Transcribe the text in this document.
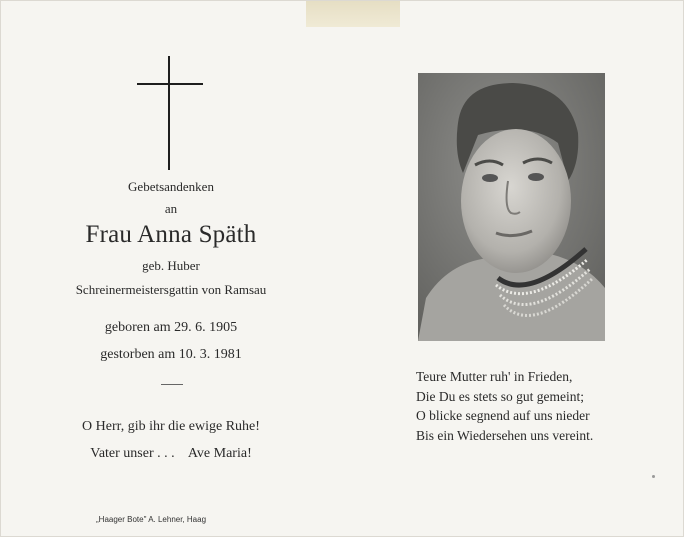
Gebetsandenken
an
Frau Anna Späth
geb. Huber
Schreinermeistersgattin von Ramsau
geboren am 29. 6. 1905
gestorben am 10. 3. 1981
O Herr, gib ihr die ewige Ruhe!
Vater unser . . .    Ave Maria!
„Haager Bote" A. Lehner, Haag
Teure Mutter ruh' in Frieden,
Die Du es stets so gut gemeint;
O blicke segnend auf uns nieder
Bis ein Wiedersehen uns vereint.
